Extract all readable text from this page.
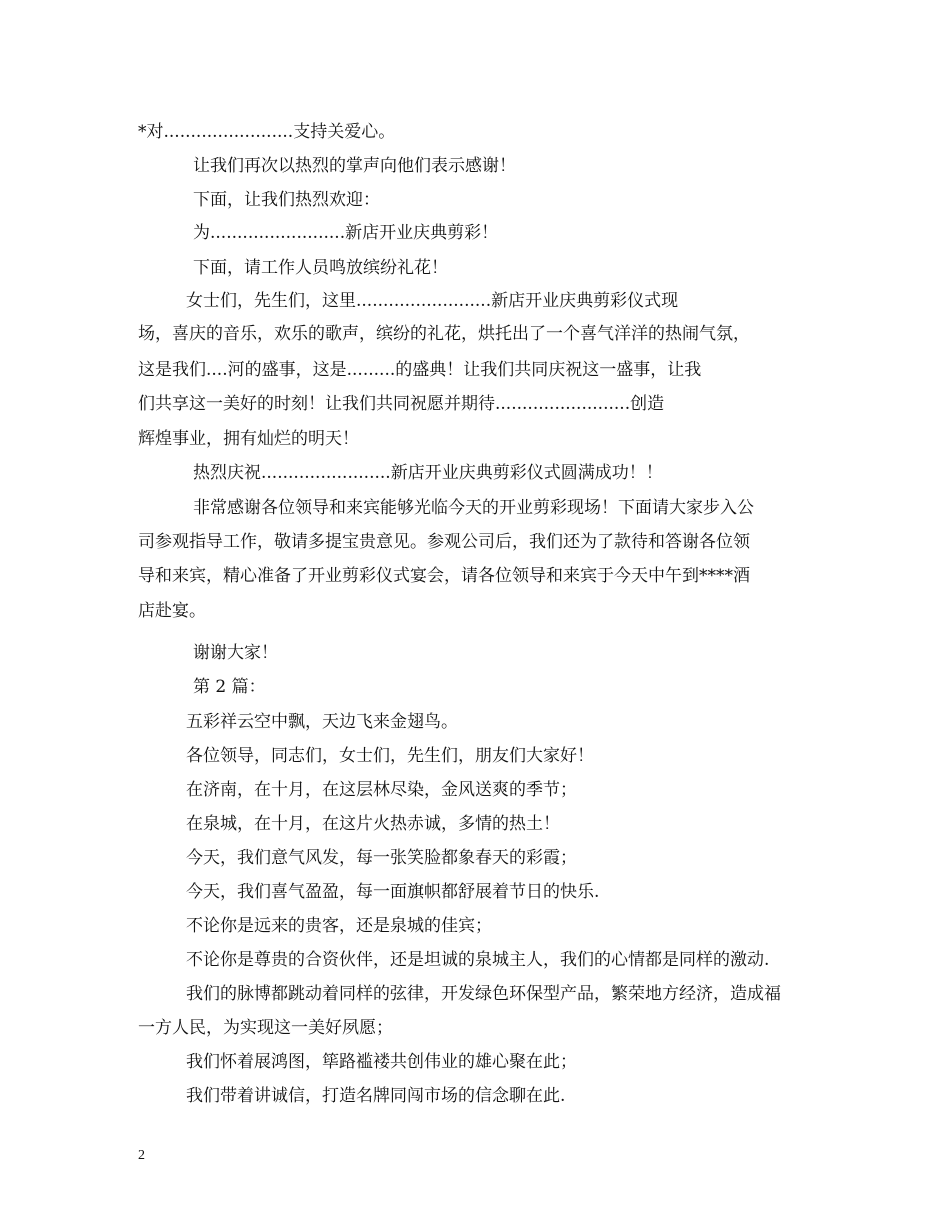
*对........................支持关爱心。
让我们再次以热烈的掌声向他们表示感谢！
下面，让我们热烈欢迎：
为.........................新店开业庆典剪彩！
下面，请工作人员鸣放缤纷礼花！
女士们，先生们，这里.........................新店开业庆典剪彩仪式现
场，喜庆的音乐，欢乐的歌声，缤纷的礼花，烘托出了一个喜气洋洋的热闹气氛，
这是我们....河的盛事，这是.........的盛典！让我们共同庆祝这一盛事，让我
们共享这一美好的时刻！让我们共同祝愿并期待.........................创造
辉煌事业，拥有灿烂的明天！
热烈庆祝........................新店开业庆典剪彩仪式圆满成功！！
非常感谢各位领导和来宾能够光临今天的开业剪彩现场！下面请大家步入公
司参观指导工作，敬请多提宝贵意见。参观公司后，我们还为了款待和答谢各位领
导和来宾，精心准备了开业剪彩仪式宴会，请各位领导和来宾于今天中午到****酒
店赴宴。
谢谢大家！
第 2 篇：
五彩祥云空中飘，天边飞来金翅鸟。
各位领导，同志们，女士们，先生们，朋友们大家好！
在济南，在十月，在这层林尽染，金风送爽的季节；
在泉城，在十月，在这片火热赤诚，多情的热土！
今天，我们意气风发，每一张笑脸都象春天的彩霞；
今天，我们喜气盈盈，每一面旗帜都舒展着节日的快乐.
不论你是远来的贵客，还是泉城的佳宾；
不论你是尊贵的合资伙伴，还是坦诚的泉城主人，我们的心情都是同样的激动.
我们的脉博都跳动着同样的弦律，开发绿色环保型产品，繁荣地方经济，造成福
一方人民，为实现这一美好夙愿；
我们怀着展鸿图，筚路褴褛共创伟业的雄心聚在此；
我们带着讲诚信，打造名牌同闯市场的信念聊在此.
2
